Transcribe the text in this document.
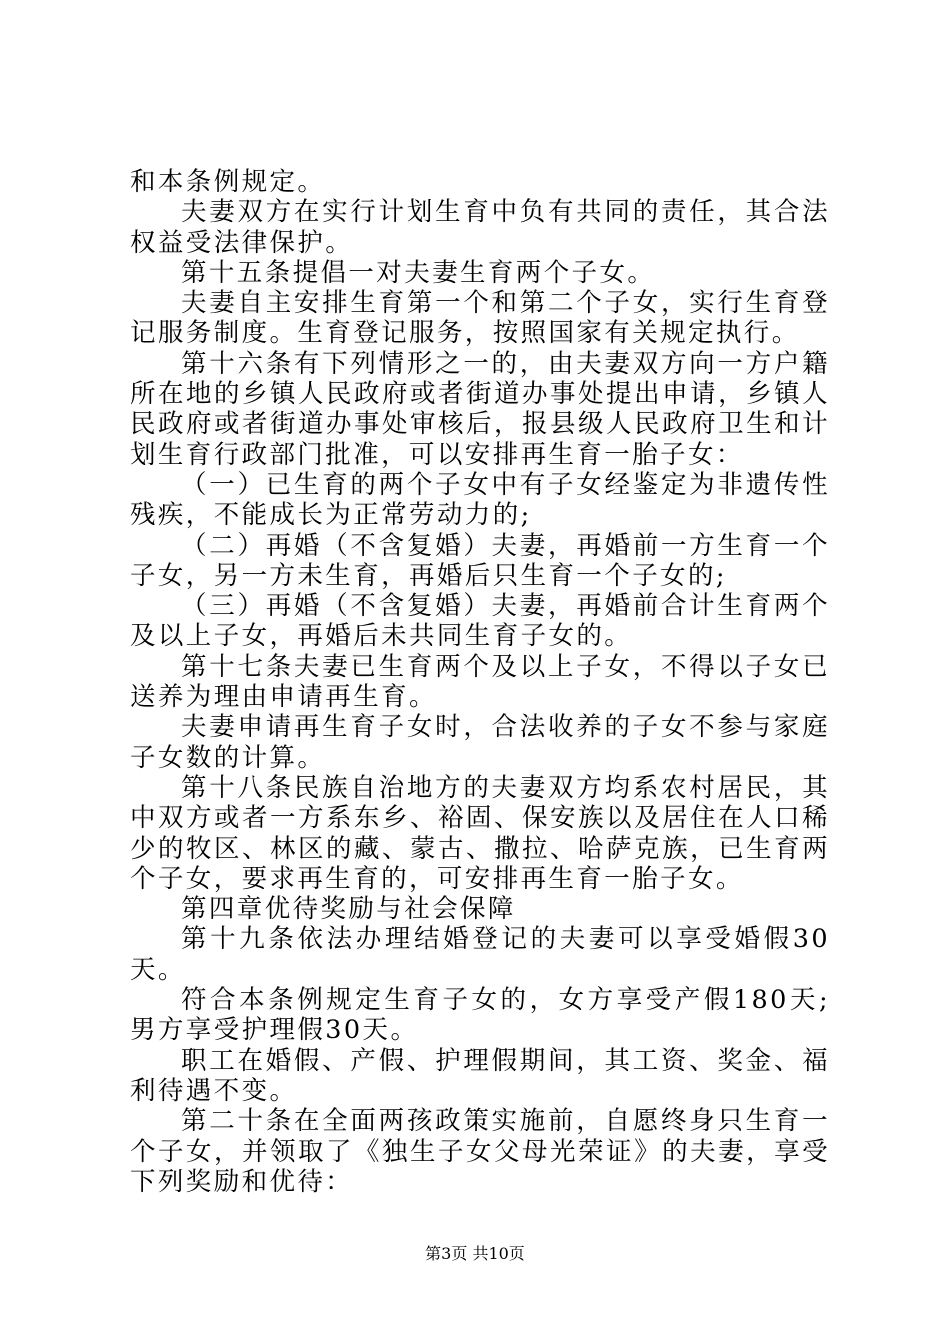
和本条例规定。

夫妻双方在实行计划生育中负有共同的责任，其合法权益受法律保护。

第十五条提倡一对夫妻生育两个子女。

夫妻自主安排生育第一个和第二个子女，实行生育登记服务制度。生育登记服务，按照国家有关规定执行。

第十六条有下列情形之一的，由夫妻双方向一方户籍所在地的乡镇人民政府或者街道办事处提出申请，乡镇人民政府或者街道办事处审核后，报县级人民政府卫生和计划生育行政部门批准，可以安排再生育一胎子女：

（一）已生育的两个子女中有子女经鉴定为非遗传性残疾，不能成长为正常劳动力的;

（二）再婚（不含复婚）夫妻，再婚前一方生育一个子女，另一方未生育，再婚后只生育一个子女的;

（三）再婚（不含复婚）夫妻，再婚前合计生育两个及以上子女，再婚后未共同生育子女的。

第十七条夫妻已生育两个及以上子女，不得以子女已送养为理由申请再生育。

夫妻申请再生育子女时，合法收养的子女不参与家庭子女数的计算。

第十八条民族自治地方的夫妻双方均系农村居民，其中双方或者一方系东乡、裕固、保安族以及居住在人口稀少的牧区、林区的藏、蒙古、撒拉、哈萨克族，已生育两个子女，要求再生育的，可安排再生育一胎子女。

第四章优待奖励与社会保障

第十九条依法办理结婚登记的夫妻可以享受婚假30天。

符合本条例规定生育子女的，女方享受产假180天;男方享受护理假30天。

职工在婚假、产假、护理假期间，其工资、奖金、福利待遇不变。

第二十条在全面两孩政策实施前，自愿终身只生育一个子女，并领取了《独生子女父母光荣证》的夫妻，享受下列奖励和优待：

第3页 共10页
